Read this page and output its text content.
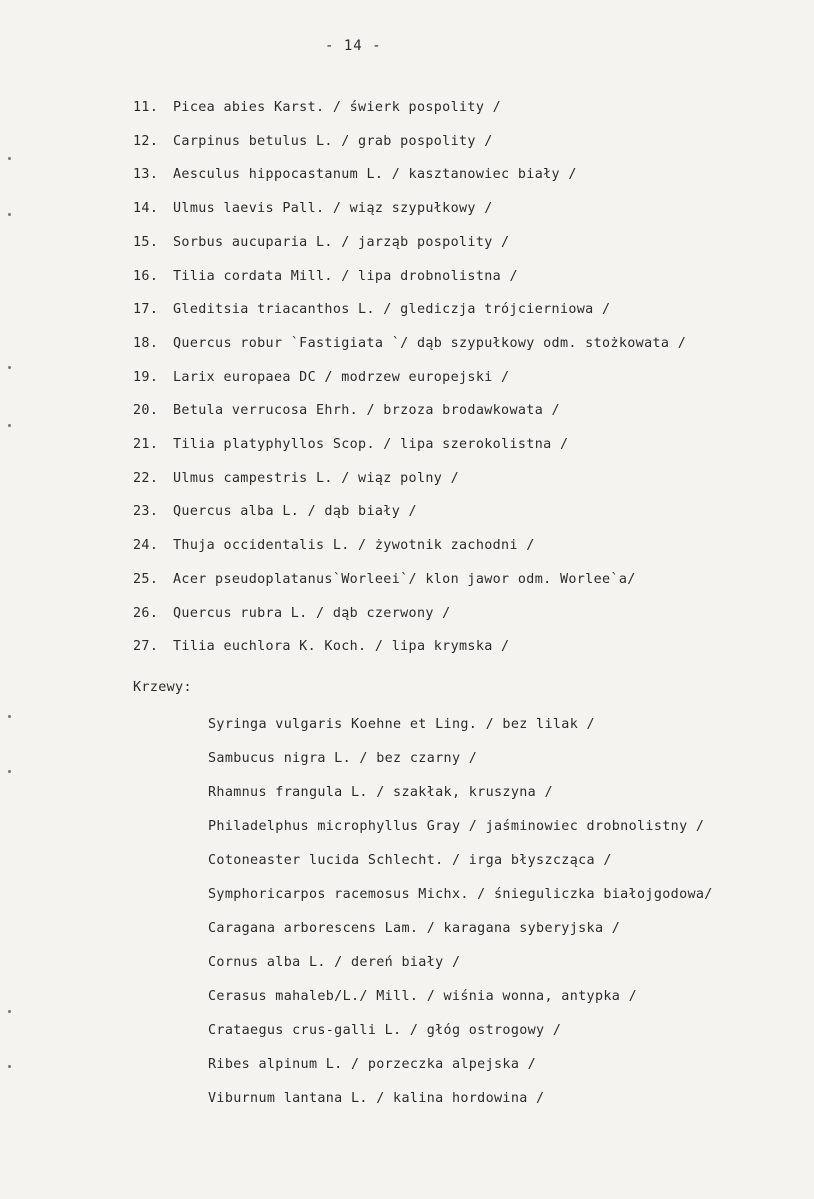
- 14 -
11. Picea abies Karst. / świerk pospolity /
12. Carpinus betulus L. / grab pospolity /
13. Aesculus hippocastanum L. / kasztanowiec biały /
14. Ulmus laevis Pall. / wiąz szypułkowy /
15. Sorbus aucuparia L. / jarząb pospolity /
16. Tilia cordata Mill. / lipa drobnolistna /
17. Gleditsia triacanthos L. / glediczja trójcierniowa /
18. Quercus robur `Fastigiata `/ dąb szypułkowy odm. stożkowata /
19. Larix europaea DC / modrzew europejski /
20. Betula verrucosa Ehrh. / brzoza brodawkowata /
21. Tilia platyphyllos Scop. / lipa szerokolistna /
22. Ulmus campestris L. / wiąz polny /
23. Quercus alba L. / dąb biały /
24. Thuja occidentalis L. / żywotnik zachodni /
25. Acer pseudoplatanus`Worleei`/ klon jawor odm. Worlee`a/
26. Quercus rubra L. / dąb czerwony /
27. Tilia euchlora K. Koch. / lipa krymska /
Krzewy:
Syringa vulgaris Koehne et Ling. / bez lilak /
Sambucus nigra L. / bez czarny /
Rhamnus frangula L. / szakłak, kruszyna /
Philadelphus microphyllus Gray / jaśminowiec drobnolistny /
Cotoneaster lucida Schlecht. / irga błyszcząca /
Symphoricarpos racemosus Michx. / śnieguliczka białojgodowa/
Caragana arborescens Lam. / karagana syberyjska /
Cornus alba L. / dereń biały /
Cerasus mahaleb/L./ Mill. / wiśnia wonna, antypka /
Crataegus crus-galli L. / głóg ostrogowy /
Ribes alpinum L. / porzeczka alpejska /
Viburnum lantana L. / kalina hordowina /
